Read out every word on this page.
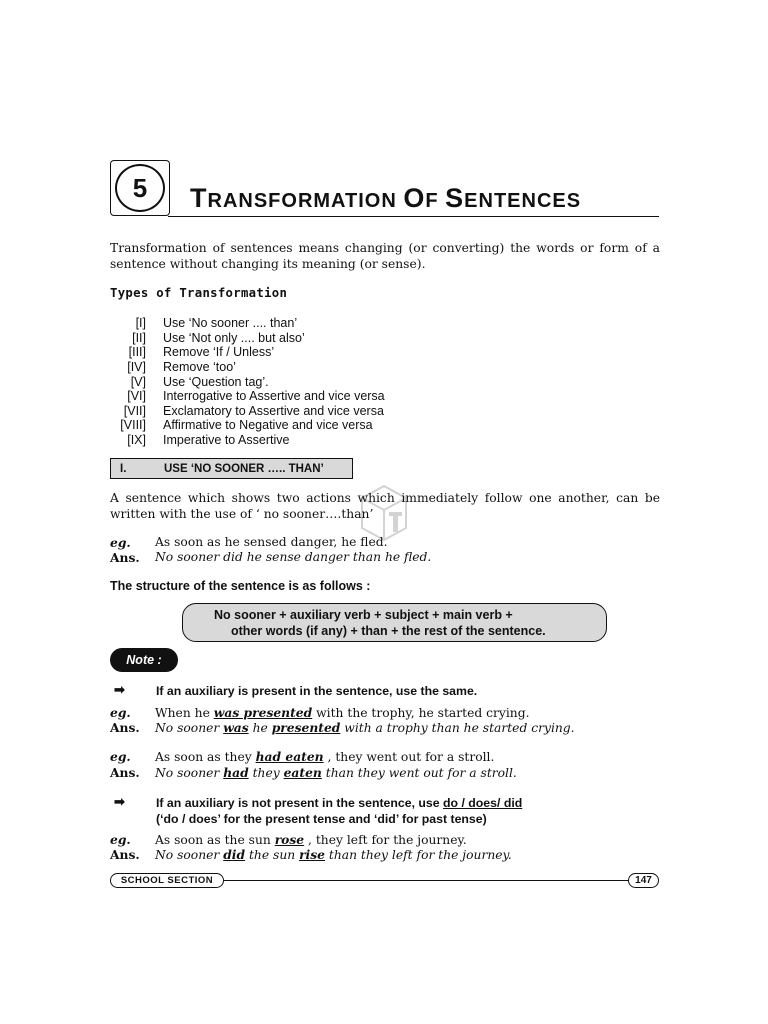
5	TRANSFORMATION OF SENTENCES
Transformation of sentences means changing (or converting) the words or form of a sentence without changing its meaning (or sense).
Types of Transformation
[I]	Use ‘No sooner .... than’
[II]	Use ‘Not only .... but also’
[III]	Remove ‘If / Unless’
[IV]	Remove ‘too’
[V]	Use ‘Question tag’.
[VI]	Interrogative to Assertive and vice versa
[VII]	Exclamatory to Assertive and vice versa
[VIII]	Affirmative to Negative and vice versa
[IX]	Imperative to Assertive
I.	USE ‘NO SOONER ….. THAN’
A sentence which shows two actions which immediately follow one another, can be written with the use of ‘ no sooner….than’
eg. As soon as he sensed danger, he fled.
Ans. No sooner did he sense danger than he fled.
The structure of the sentence is as follows :
No sooner + auxiliary verb + subject + main verb +
other words (if any) + than + the rest of the sentence.
Note :
➡	If an auxiliary is present in the sentence, use the same.
eg. When he was presented with the trophy, he started crying.
Ans. No sooner was he presented with a trophy than he started crying.
eg. As soon as they had eaten , they went out for a stroll.
Ans. No sooner had they eaten than they went out for a stroll.
➡	If an auxiliary is not present in the sentence, use do / does/ did
(‘do / does’ for the present tense and ‘did’ for past tense)
eg. As soon as the sun rose , they left for the journey.
Ans. No sooner did the sun rise than they left for the journey.
SCHOOL SECTION	147
